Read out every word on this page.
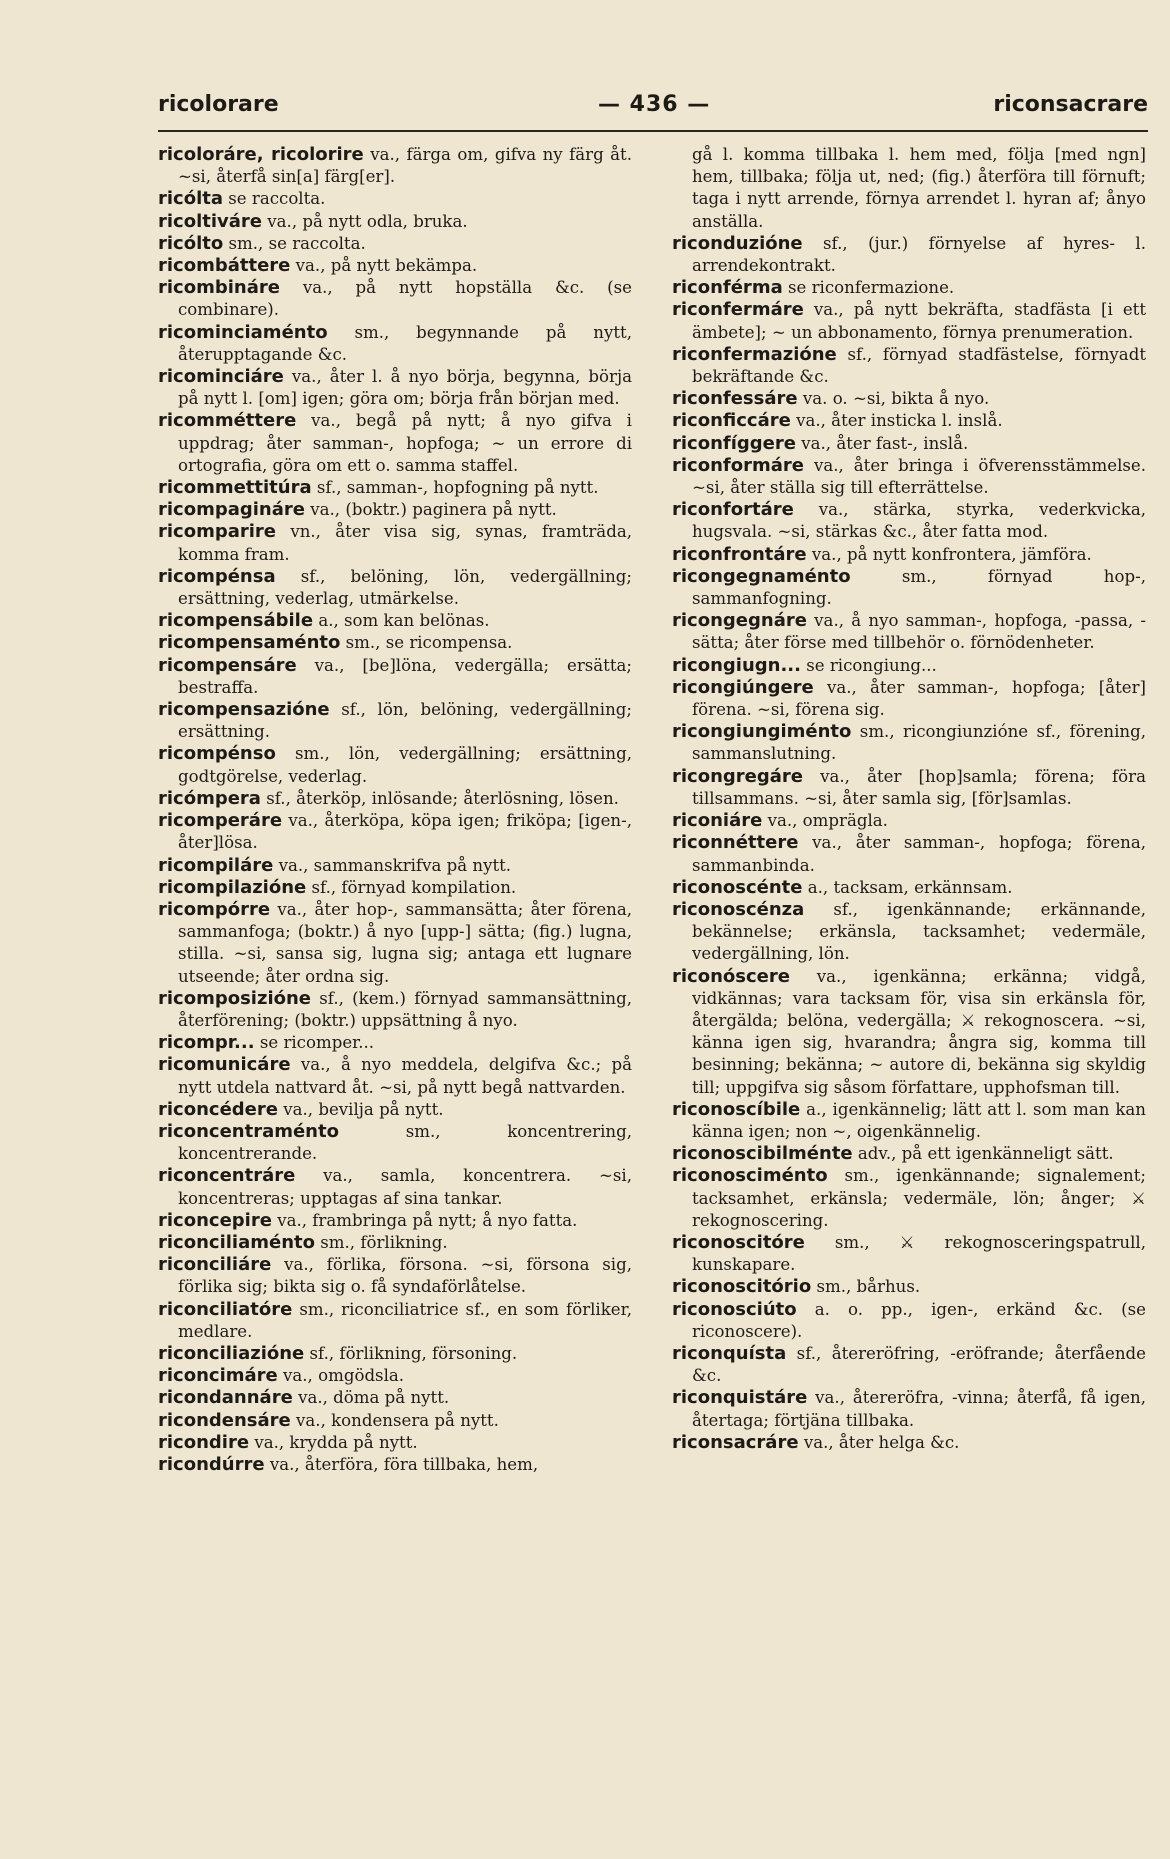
ricolorare	— 436 —	riconsacrare

ricoloráre, ricolorire va., färga om, gifva ny färg åt. ~si, återfå sin[a] färg[er].

ricólta se raccolta.

ricoltiváre va., på nytt odla, bruka.

ricólto sm., se raccolta.

ricombáttere va., på nytt bekämpa.

ricombináre va., på nytt hopställa &c. (se combinare).

ricominciaménto sm., begynnande på nytt, återupptagande &c.

ricominciáre va., åter l. å nyo börja, begynna, börja på nytt l. [om] igen; göra om; börja från början med.

ricomméttere va., begå på nytt; å nyo gifva i uppdrag; åter samman-, hopfoga; ~ un errore di ortografia, göra om ett o. samma staffel.

ricommettitúra sf., samman-, hopfogning på nytt.

ricompagináre va., (boktr.) paginera på nytt.

ricomparire vn., åter visa sig, synas, framträda, komma fram.

ricompénsa sf., belöning, lön, vedergällning; ersättning, vederlag, utmärkelse.

ricompensábile a., som kan belönas.

ricompensaménto sm., se ricompensa.

ricompensáre va., [be]löna, vedergälla; ersätta; bestraffa.

ricompensazióne sf., lön, belöning, vedergällning; ersättning.

ricompénso sm., lön, vedergällning; ersättning, godtgörelse, vederlag.

ricómpera sf., återköp, inlösande; återlösning, lösen.

ricomperáre va., återköpa, köpa igen; friköpa; [igen-, åter]lösa.

ricompiláre va., sammanskrifva på nytt.

ricompilazióne sf., förnyad kompilation.

ricompórre va., åter hop-, sammansätta; åter förena, sammanfoga; (boktr.) å nyo [upp-] sätta; (fig.) lugna, stilla. ~si, sansa sig, lugna sig; antaga ett lugnare utseende; åter ordna sig.

ricomposizióne sf., (kem.) förnyad sammansättning, återförening; (boktr.) uppsättning å nyo.

ricompr... se ricomper...

ricomunicáre va., å nyo meddela, delgifva &c.; på nytt utdela nattvard åt. ~si, på nytt begå nattvarden.

riconcédere va., bevilja på nytt.

riconcentraménto sm., koncentrering, koncentrerande.

riconcentráre va., samla, koncentrera. ~si, koncentreras; upptagas af sina tankar.

riconcepire va., frambringa på nytt; å nyo fatta.

riconciliaménto sm., förlikning.

riconciliáre va., förlika, försona. ~si, försona sig, förlika sig; bikta sig o. få syndaförlåtelse.

riconciliatóre sm., riconciliatrice sf., en som förliker, medlare.

riconciliazióne sf., förlikning, försoning.

riconcimáre va., omgödsla.

ricondannáre va., döma på nytt.

ricondensáre va., kondensera på nytt.

ricondire va., krydda på nytt.

ricondúrre va., återföra, föra tillbaka, hem,

gå l. komma tillbaka l. hem med, följa [med ngn] hem, tillbaka; följa ut, ned; (fig.) återföra till förnuft; taga i nytt arrende, förnya arrendet l. hyran af; ånyo anställa.

riconduzióne sf., (jur.) förnyelse af hyres- l. arrendekontrakt.

riconférma se riconfermazione.

riconfermáre va., på nytt bekräfta, stadfästa [i ett ämbete]; ~ un abbonamento, förnya prenumeration.

riconfermazióne sf., förnyad stadfästelse, förnyadt bekräftande &c.

riconfessáre va. o. ~si, bikta å nyo.

riconficcáre va., åter insticka l. inslå.

riconfíggere va., åter fast-, inslå.

riconformáre va., åter bringa i öfverensstämmelse. ~si, åter ställa sig till efterrättelse.

riconfortáre va., stärka, styrka, vederkvicka, hugsvala. ~si, stärkas &c., åter fatta mod.

riconfrontáre va., på nytt konfrontera, jämföra.

ricongegnaménto sm., förnyad hop-, sammanfogning.

ricongegnáre va., å nyo samman-, hopfoga, -passa, -sätta; åter förse med tillbehör o. förnödenheter.

ricongiugn... se ricongiung...

ricongiúngere va., åter samman-, hopfoga; [åter] förena. ~si, förena sig.

ricongiungiménto sm., ricongiunzióne sf., förening, sammanslutning.

ricongregáre va., åter [hop]samla; förena; föra tillsammans. ~si, åter samla sig, [för]samlas.

riconiáre va., omprägla.

riconnéttere va., åter samman-, hopfoga; förena, sammanbinda.

riconoscénte a., tacksam, erkännsam.

riconoscénza sf., igenkännande; erkännande, bekännelse; erkänsla, tacksamhet; vedermäle, vedergällning, lön.

riconóscere va., igenkänna; erkänna; vidgå, vidkännas; vara tacksam för, visa sin erkänsla för, återgälda; belöna, vedergälla; ⚔ rekognoscera. ~si, känna igen sig, hvarandra; ångra sig, komma till besinning; bekänna; ~ autore di, bekänna sig skyldig till; uppgifva sig såsom författare, upphofsman till.

riconoscíbile a., igenkännelig; lätt att l. som man kan känna igen; non ~, oigenkännelig.

riconoscibilménte adv., på ett igenkänneligt sätt.

riconosciménto sm., igenkännande; signalement; tacksamhet, erkänsla; vedermäle, lön; ånger; ⚔ rekognoscering.

riconoscitóre sm., ⚔ rekognosceringspatrull, kunskapare.

riconoscitório sm., bårhus.

riconosciúto a. o. pp., igen-, erkänd &c. (se riconoscere).

riconquísta sf., återeröfring, -eröfrande; återfående &c.

riconquistáre va., återeröfra, -vinna; återfå, få igen, återtaga; förtjäna tillbaka.

riconsacráre va., åter helga &c.
